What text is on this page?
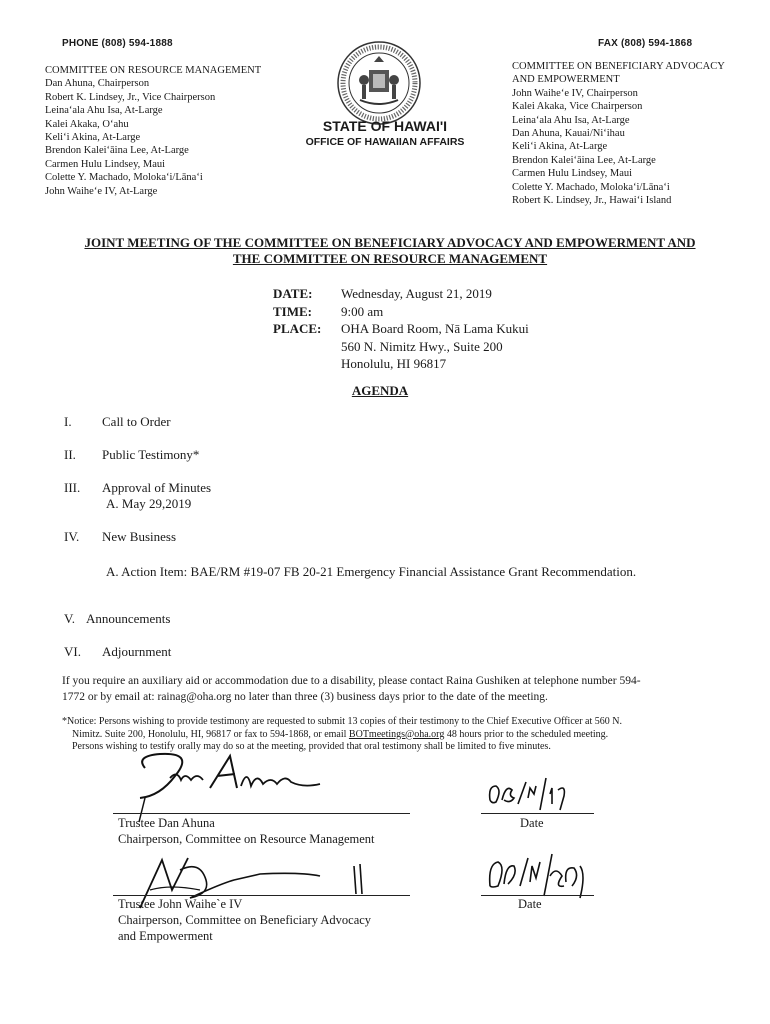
PHONE (808) 594-1888	FAX (808) 594-1868
COMMITTEE ON RESOURCE MANAGEMENT
Dan Ahuna, Chairperson
Robert K. Lindsey, Jr., Vice Chairperson
Leinaʻala Ahu Isa, At-Large
Kalei Akaka, Oʻahu
Keliʻi Akina, At-Large
Brendon Kaleiʻāina Lee, At-Large
Carmen Hulu Lindsey, Maui
Colette Y. Machado, Molokaʻi/Lānaʻi
John Waiheʻe IV, At-Large
COMMITTEE ON BENEFICIARY ADVOCACY
AND EMPOWERMENT
John Waiheʻe IV, Chairperson
Kalei Akaka, Vice Chairperson
Leinaʻala Ahu Isa, At-Large
Dan Ahuna, Kauai/Niʻihau
Keliʻi Akina, At-Large
Brendon Kaleiʻāina Lee, At-Large
Carmen Hulu Lindsey, Maui
Colette Y. Machado, Molokaʻi/Lānaʻi
Robert K. Lindsey, Jr., Hawaiʻi Island
STATE OF HAWAI'I
OFFICE OF HAWAIIAN AFFAIRS
JOINT MEETING OF THE COMMITTEE ON BENEFICIARY ADVOCACY AND EMPOWERMENT AND
THE COMMITTEE ON RESOURCE MANAGEMENT
DATE: Wednesday, August 21, 2019
TIME: 9:00 am
PLACE: OHA Board Room, Nā Lama Kukui
560 N. Nimitz Hwy., Suite 200
Honolulu, HI 96817
AGENDA
I. Call to Order
II. Public Testimony*
III. Approval of Minutes
A. May 29,2019
IV. New Business
A. Action Item: BAE/RM #19-07 FB 20-21 Emergency Financial Assistance Grant Recommendation.
V. Announcements
VI. Adjournment
If you require an auxiliary aid or accommodation due to a disability, please contact Raina Gushiken at telephone number 594-
1772 or by email at: rainag@oha.org no later than three (3) business days prior to the date of the meeting.
*Notice: Persons wishing to provide testimony are requested to submit 13 copies of their testimony to the Chief Executive Officer at 560 N.
Nimitz. Suite 200, Honolulu, HI, 96817 or fax to 594-1868, or email BOTmeetings@oha.org 48 hours prior to the scheduled meeting.
Persons wishing to testify orally may do so at the meeting, provided that oral testimony shall be limited to five minutes.
Trustee Dan Ahuna
Chairperson, Committee on Resource Management
Date
Trustee John Waihe`e IV
Chairperson, Committee on Beneficiary Advocacy
and Empowerment
Date
